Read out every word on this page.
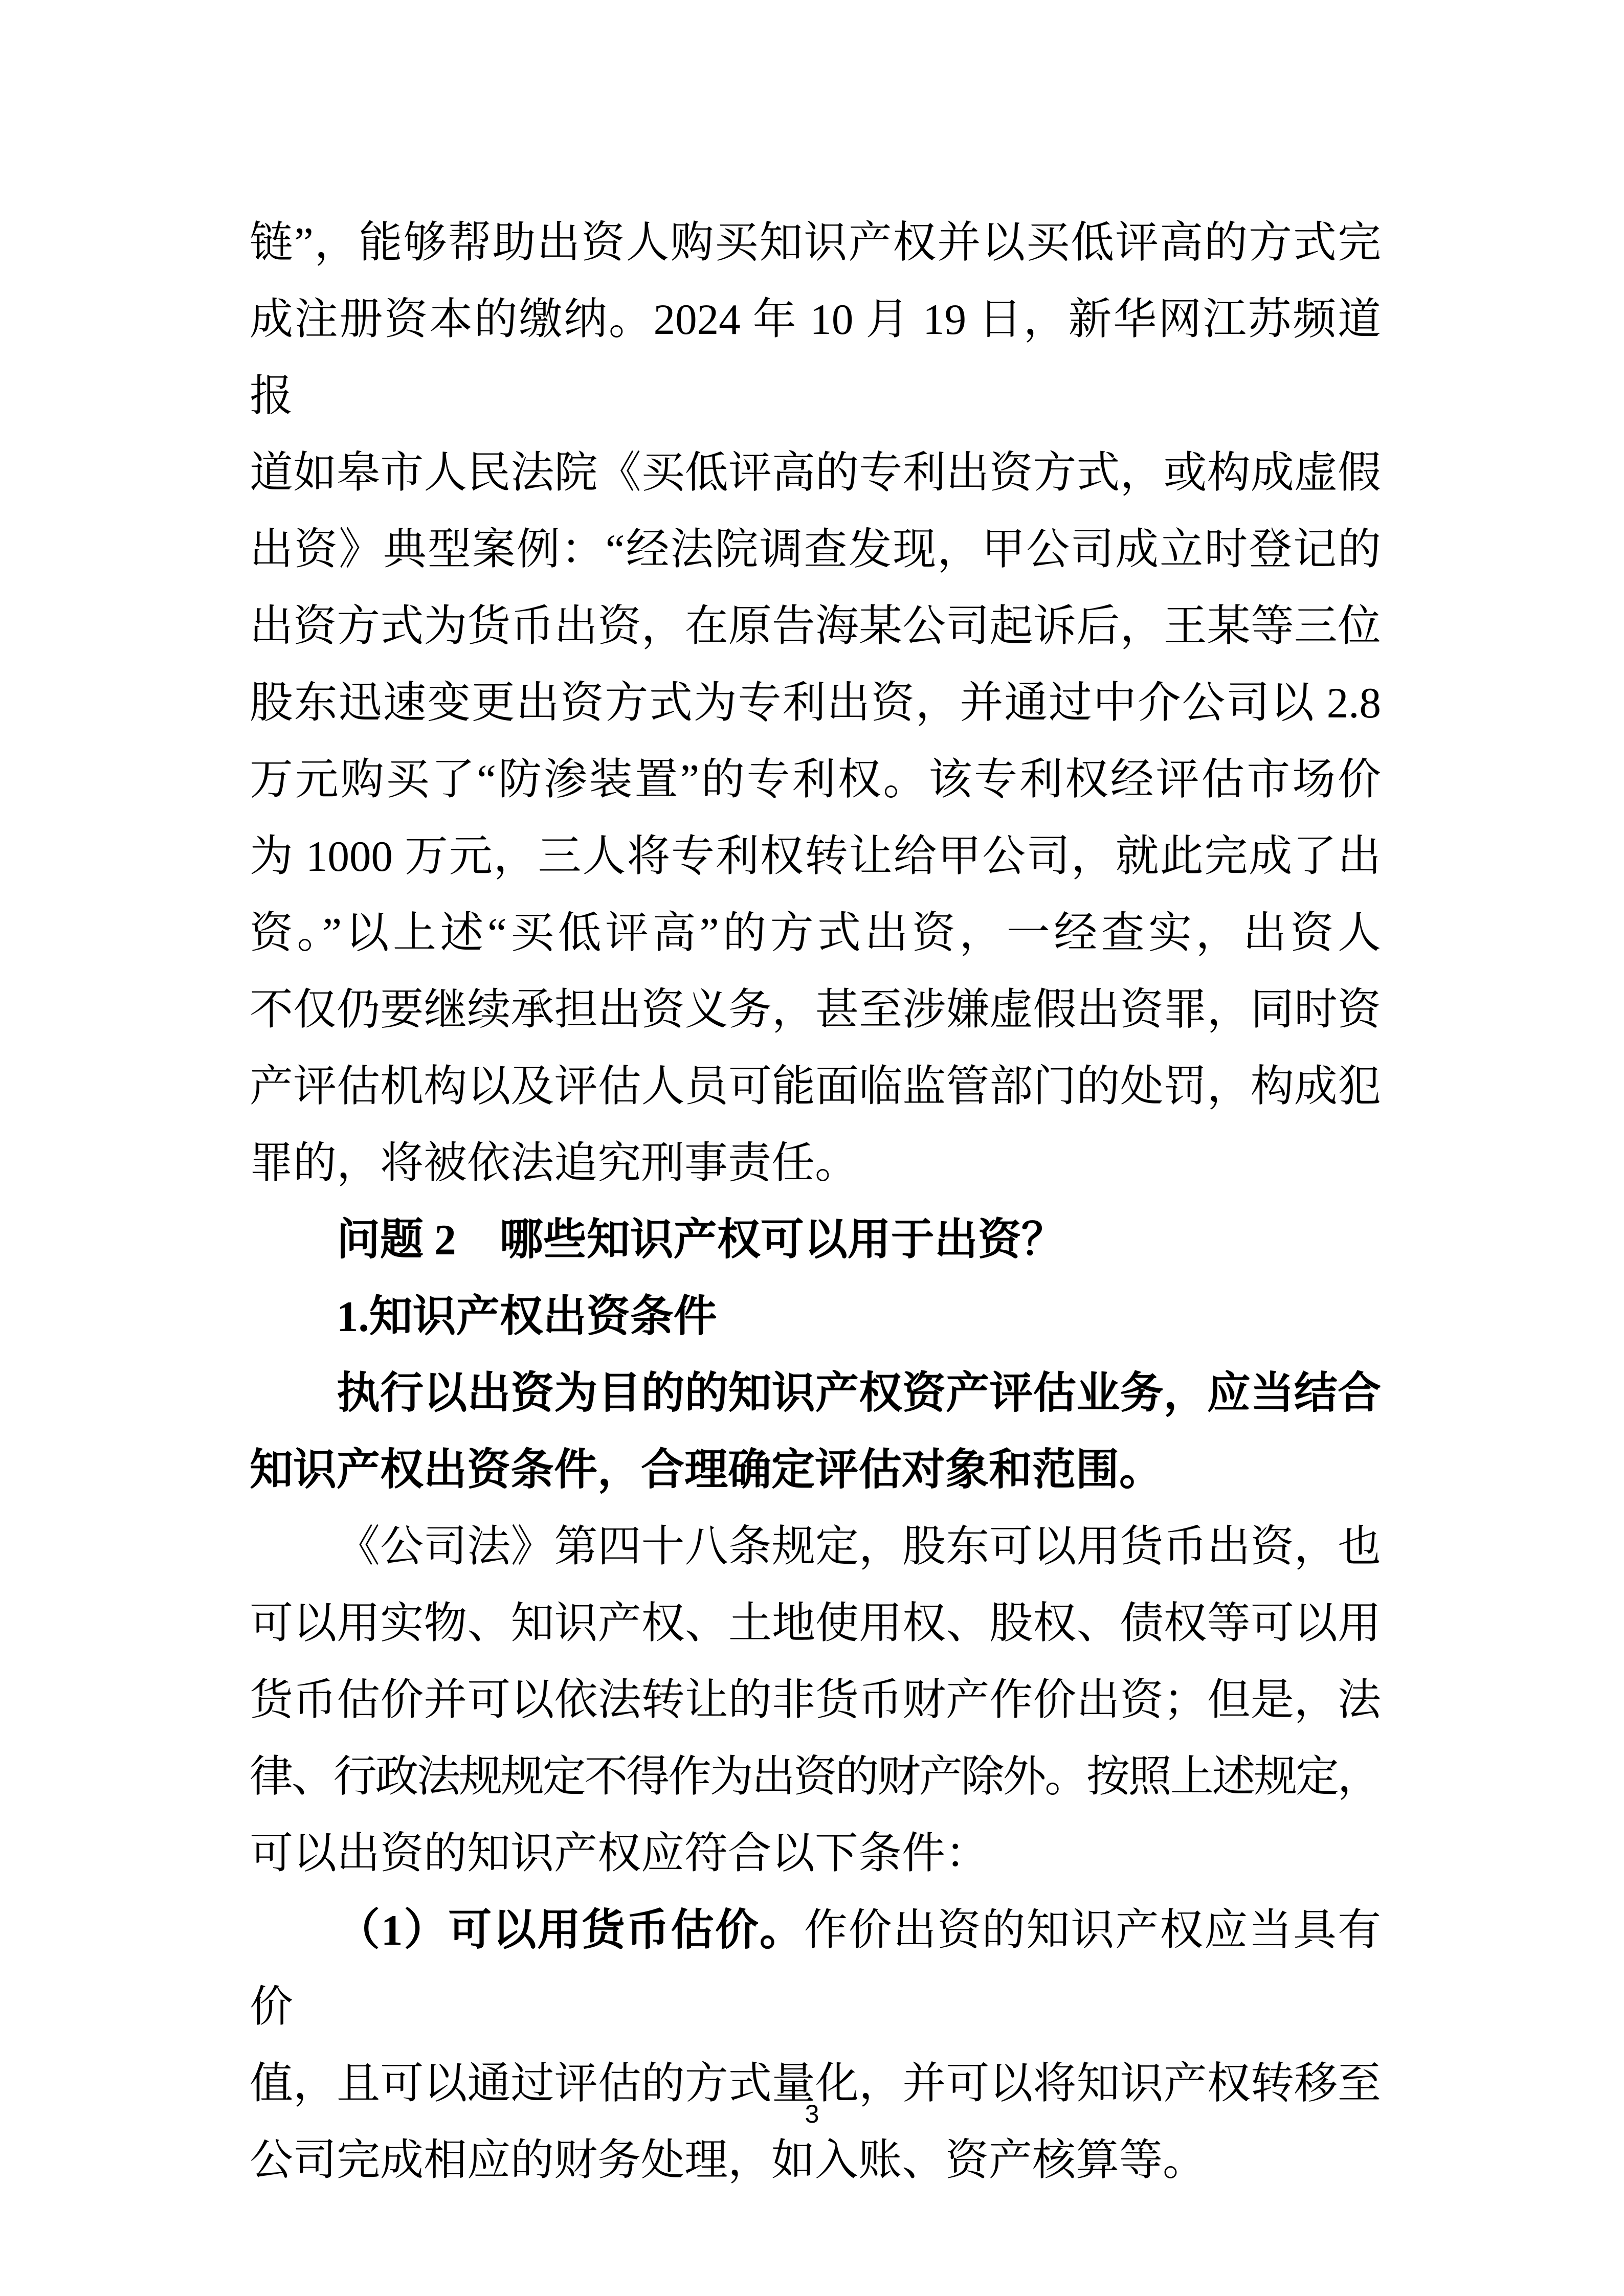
链”，能够帮助出资人购买知识产权并以买低评高的方式完
成注册资本的缴纳。2024 年 10 月 19 日，新华网江苏频道报
道如皋市人民法院《买低评高的专利出资方式，或构成虚假
出资》典型案例：“经法院调查发现，甲公司成立时登记的
出资方式为货币出资，在原告海某公司起诉后，王某等三位
股东迅速变更出资方式为专利出资，并通过中介公司以 2.8
万元购买了“防渗装置”的专利权。该专利权经评估市场价
为 1000 万元，三人将专利权转让给甲公司，就此完成了出
资。”以上述“买低评高”的方式出资，一经查实，出资人
不仅仍要继续承担出资义务，甚至涉嫌虚假出资罪，同时资
产评估机构以及评估人员可能面临监管部门的处罚，构成犯
罪的，将被依法追究刑事责任。
问题 2　哪些知识产权可以用于出资？
1.知识产权出资条件
执行以出资为目的的知识产权资产评估业务，应当结合
知识产权出资条件，合理确定评估对象和范围。
《公司法》第四十八条规定，股东可以用货币出资，也
可以用实物、知识产权、土地使用权、股权、债权等可以用
货币估价并可以依法转让的非货币财产作价出资；但是，法
律、行政法规规定不得作为出资的财产除外。按照上述规定，
可以出资的知识产权应符合以下条件：
（1）可以用货币估价。作价出资的知识产权应当具有价
值，且可以通过评估的方式量化，并可以将知识产权转移至
公司完成相应的财务处理，如入账、资产核算等。
3
